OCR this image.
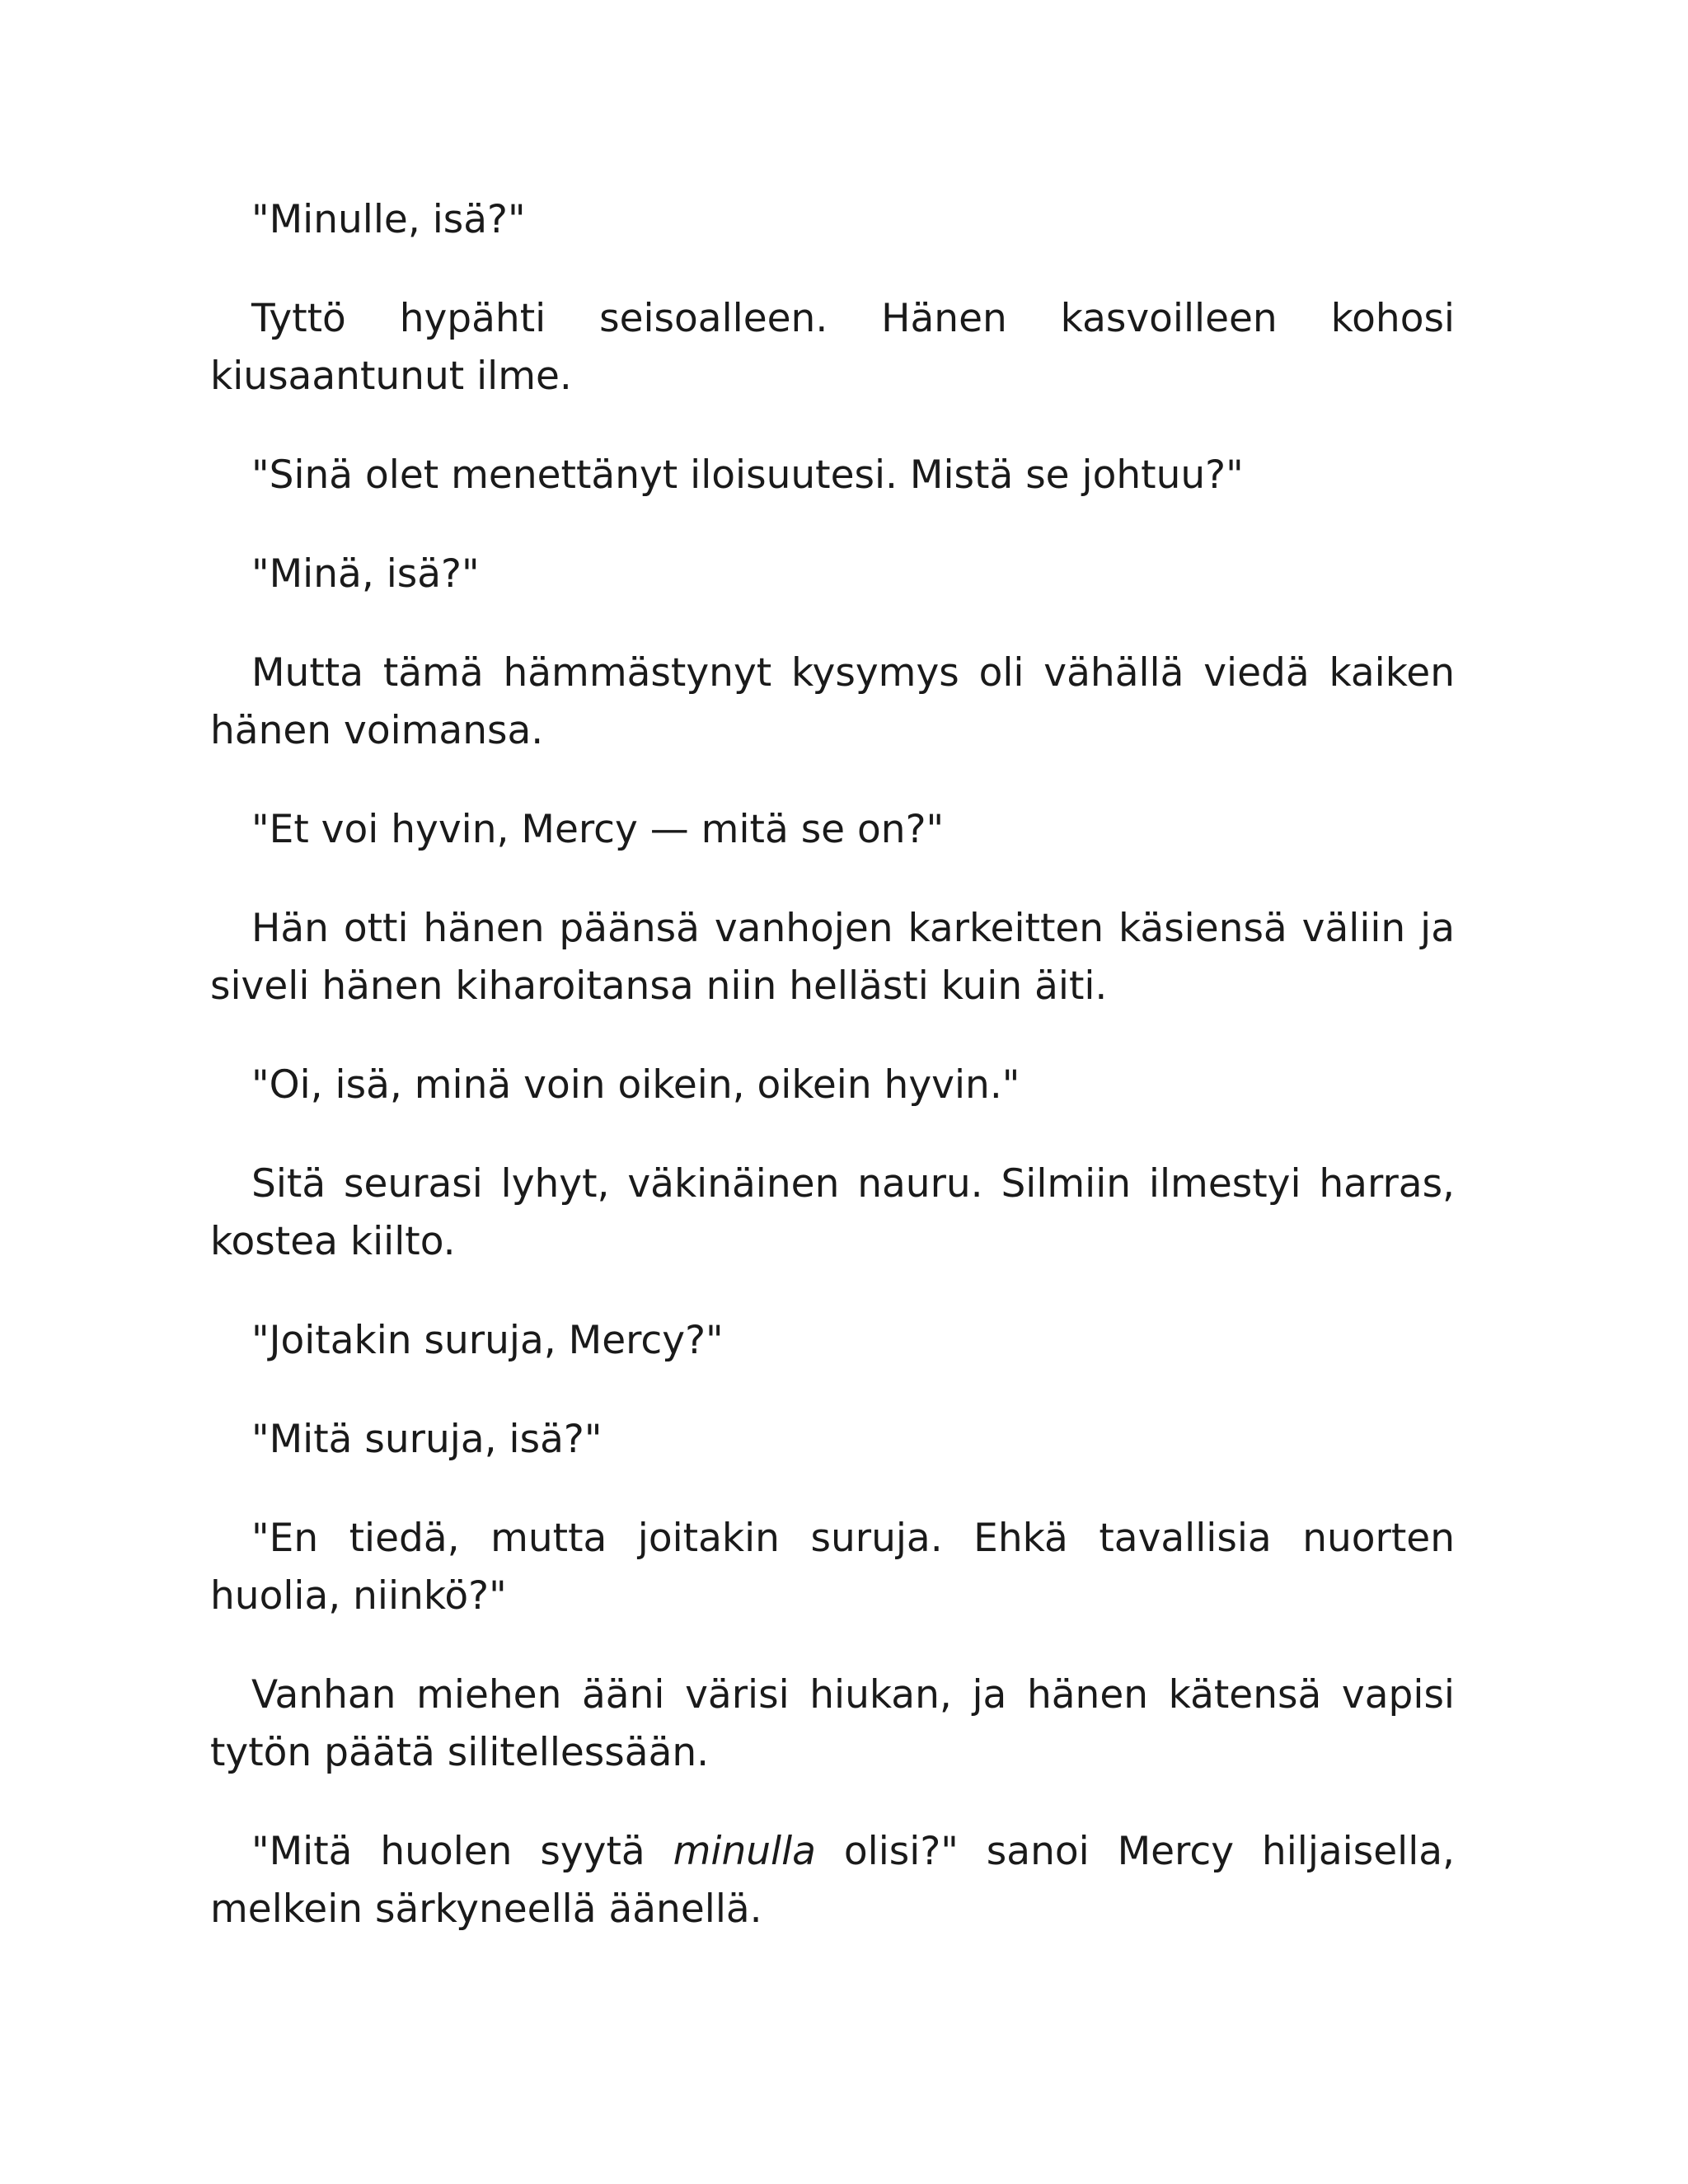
"Minulle, isä?"

Tyttö hypähti seisoalleen. Hänen kasvoilleen kohosi kiusaantunut ilme.

"Sinä olet menettänyt iloisuutesi. Mistä se johtuu?"

"Minä, isä?"

Mutta tämä hämmästynyt kysymys oli vähällä viedä kaiken hänen voimansa.

"Et voi hyvin, Mercy — mitä se on?"

Hän otti hänen päänsä vanhojen karkeitten käsiensä väliin ja siveli hänen kiharoitansa niin hellästi kuin äiti.

"Oi, isä, minä voin oikein, oikein hyvin."

Sitä seurasi lyhyt, väkinäinen nauru. Silmiin ilmestyi harras, kostea kiilto.

"Joitakin suruja, Mercy?"

"Mitä suruja, isä?"

"En tiedä, mutta joitakin suruja. Ehkä tavallisia nuorten huolia, niinkö?"

Vanhan miehen ääni värisi hiukan, ja hänen kätensä vapisi tytön päätä silitellessään.

"Mitä huolen syytä minulla olisi?" sanoi Mercy hiljaisella, melkein särkyneellä äänellä.
